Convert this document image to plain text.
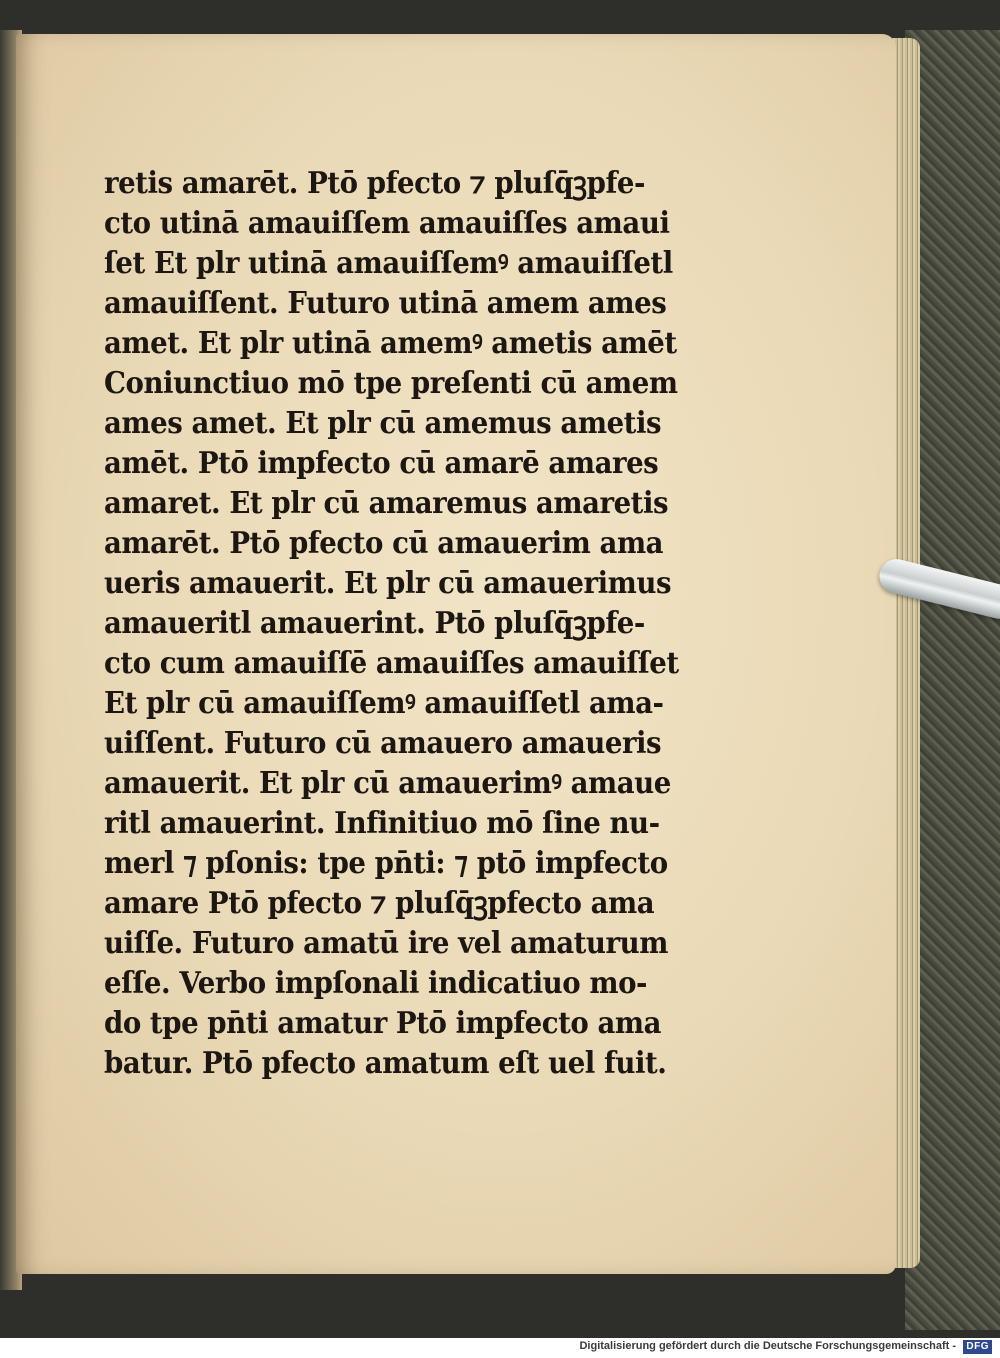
retis amarēt. Ptō pfecto ⁊ pluſq̄ꝫpfe-
cto utinā amauiſſem amauiſſes amaui
ſet Et plr utinā amauiſſemꝰ amauiſſetl
amauiſſent. Futuro utinā amem ames
amet. Et plr utinā amemꝰ ametis amēt
Coniunctiuo mō tpe preſenti cū amem
ames amet. Et plr cū amemus ametis
amēt. Ptō impfecto cū amarē amares
amaret. Et plr cū amaremus amaretis
amarēt. Ptō pfecto cū amauerim ama
ueris amauerit. Et plr cū amauerimus
amaueritl amauerint. Ptō pluſq̄ꝫpfe-
cto cum amauiſſē amauiſſes amauiſſet
Et plr cū amauiſſemꝰ amauiſſetl ama-
uiſſent. Futuro cū amauero amaueris
amauerit. Et plr cū amauerimꝰ amaue
ritl amauerint. Infinitiuo mō ſine nu-
merl ⁊ pſonis: tpe pn̄ti: ⁊ ptō impfecto
amare Ptō pfecto ⁊ pluſq̄ꝫpfecto ama
uiſſe. Futuro amatū ire vel amaturum
eſſe. Verbo impſonali indicatiuo mo-
do tpe pn̄ti amatur Ptō impfecto ama
batur. Ptō pfecto amatum eſt uel fuit.
Digitalisierung gefördert durch die Deutsche Forschungsgemeinschaft -	DFG
